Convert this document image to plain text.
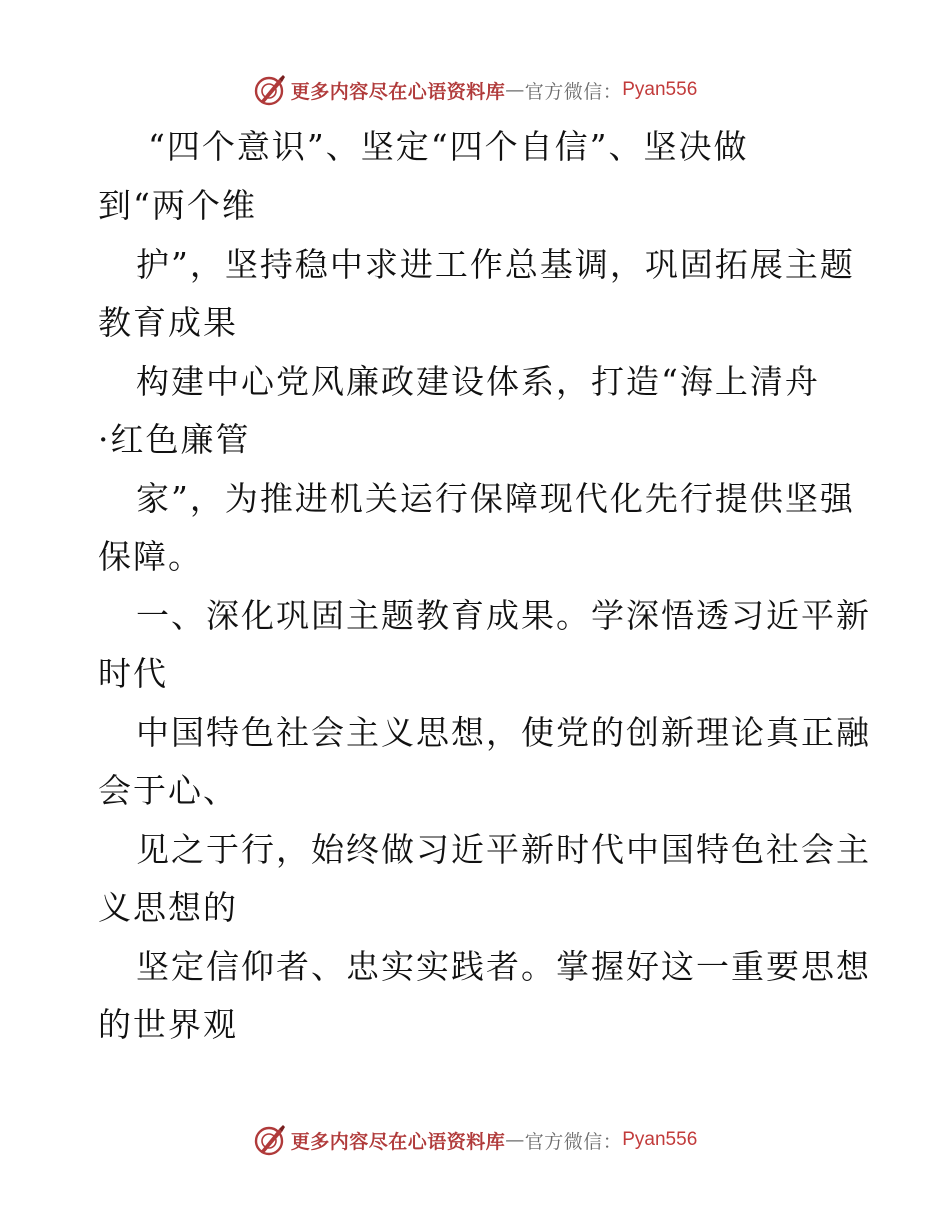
更多内容尽在心语资料库 — 官方微信： Pyan556
“四个意识”、坚定“四个自信”、坚决做
到“两个维
护”，坚持稳中求进工作总基调，巩固拓展主题
教育成果
构建中心党风廉政建设体系，打造“海上清舟
·红色廉管
家”，为推进机关运行保障现代化先行提供坚强
保障。
一、深化巩固主题教育成果。学深悟透习近平新
时代
中国特色社会主义思想，使党的创新理论真正融
会于心、
见之于行，始终做习近平新时代中国特色社会主
义思想的
坚定信仰者、忠实实践者。掌握好这一重要思想
的世界观
更多内容尽在心语资料库 — 官方微信： Pyan556
